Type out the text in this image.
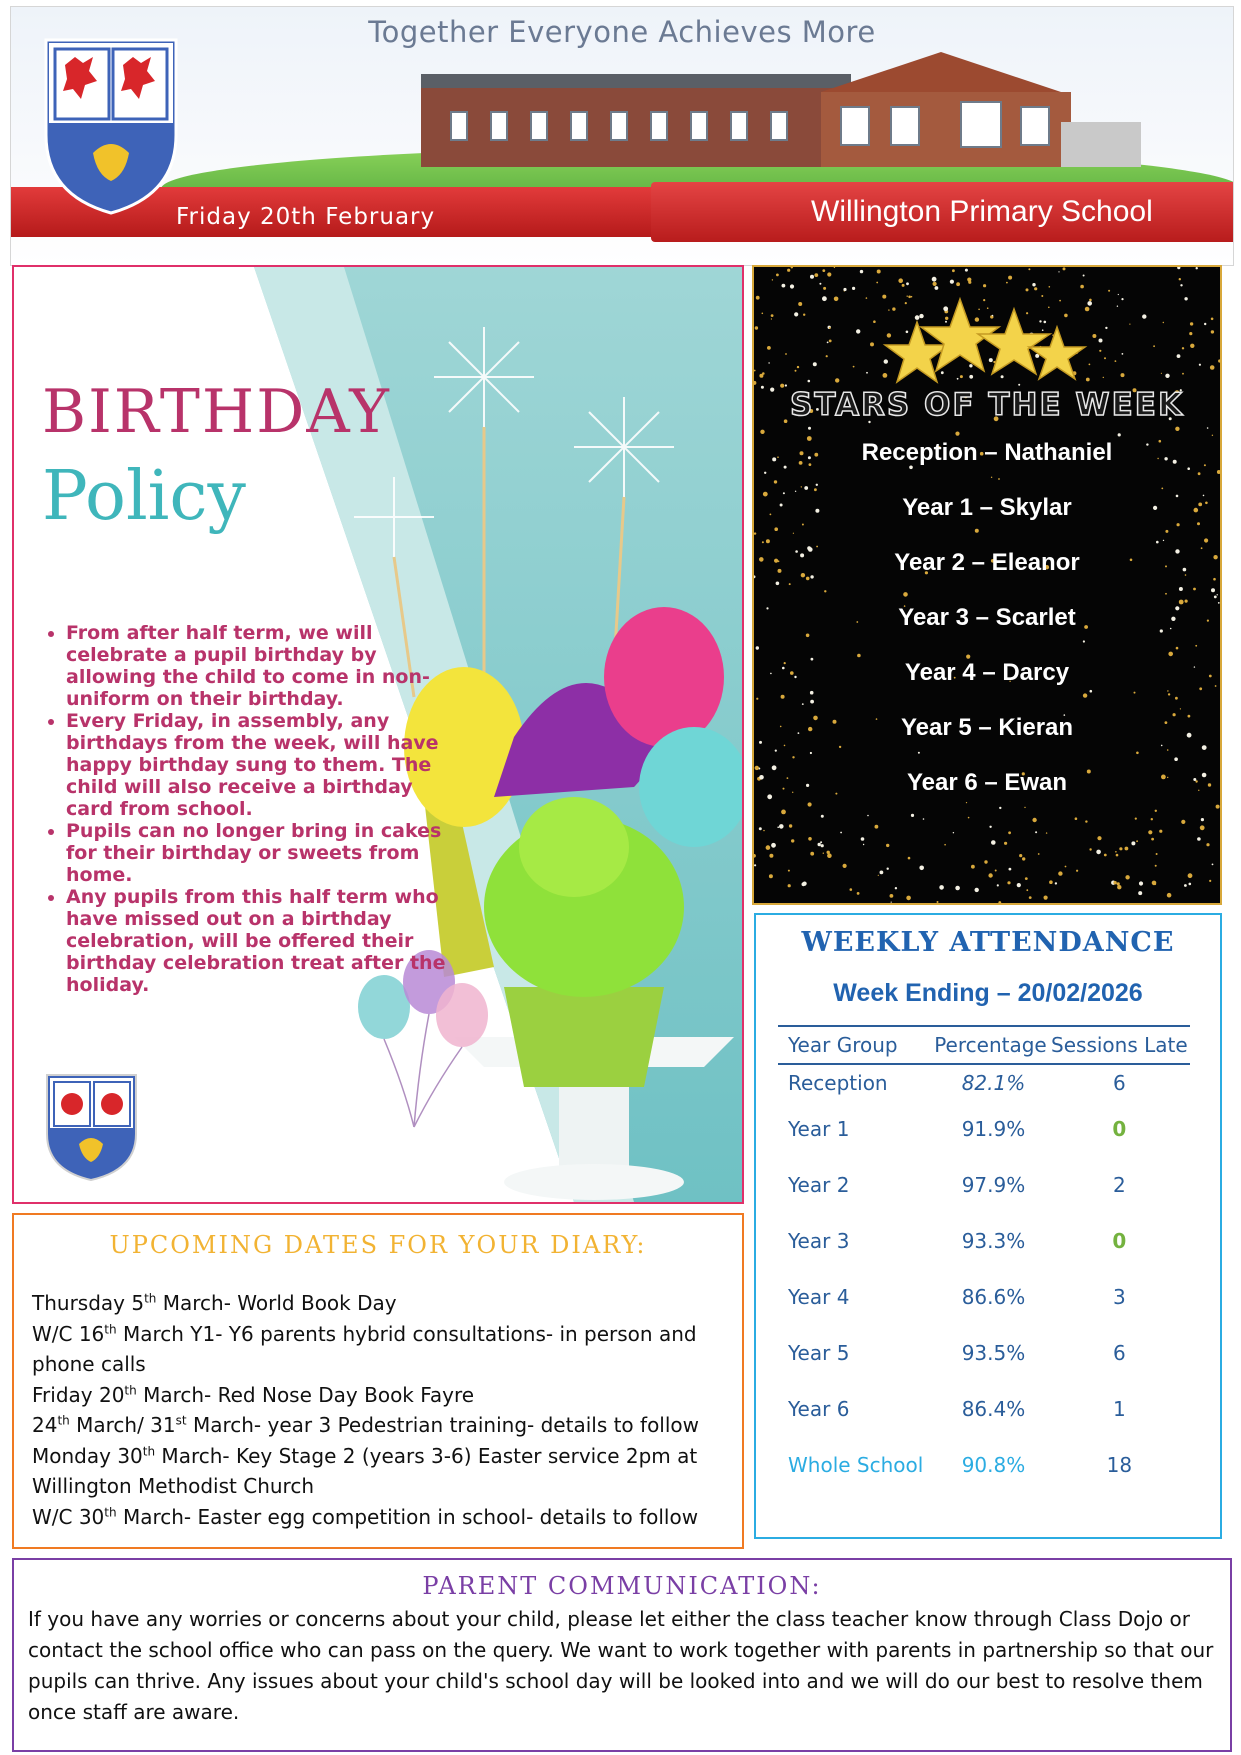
Together Everyone Achieves More
Friday 20th February	Willington Primary School
BIRTHDAY
Policy
• From after half term, we will celebrate a pupil birthday by allowing the child to come in non-uniform on their birthday.
• Every Friday, in assembly, any birthdays from the week, will have happy birthday sung to them. The child will also receive a birthday card from school.
• Pupils can no longer bring in cakes for their birthday or sweets from home.
• Any pupils from this half term who have missed out on a birthday celebration, will be offered their birthday celebration treat after the holiday.
STARS OF THE WEEK
Reception – Nathaniel
Year 1 – Skylar
Year 2 – Eleanor
Year 3 – Scarlet
Year 4 – Darcy
Year 5 – Kieran
Year 6 – Ewan
WEEKLY ATTENDANCE
Week Ending – 20/02/2026
Year Group	Percentage	Sessions Late
Reception	82.1%	6
Year 1	91.9%	0
Year 2	97.9%	2
Year 3	93.3%	0
Year 4	86.6%	3
Year 5	93.5%	6
Year 6	86.4%	1
Whole School	90.8%	18
UPCOMING DATES FOR YOUR DIARY:
Thursday 5th March- World Book Day
W/C 16th March Y1- Y6 parents hybrid consultations- in person and phone calls
Friday 20th March- Red Nose Day Book Fayre
24th March/ 31st March- year 3 Pedestrian training- details to follow
Monday 30th March- Key Stage 2 (years 3-6) Easter service 2pm at Willington Methodist Church
W/C 30th March- Easter egg competition in school- details to follow
PARENT COMMUNICATION:

If you have any worries or concerns about your child, please let either the class teacher know through Class Dojo or contact the school office who can pass on the query. We want to work together with parents in partnership so that our pupils can thrive. Any issues about your child's school day will be looked into and we will do our best to resolve them once staff are aware.
